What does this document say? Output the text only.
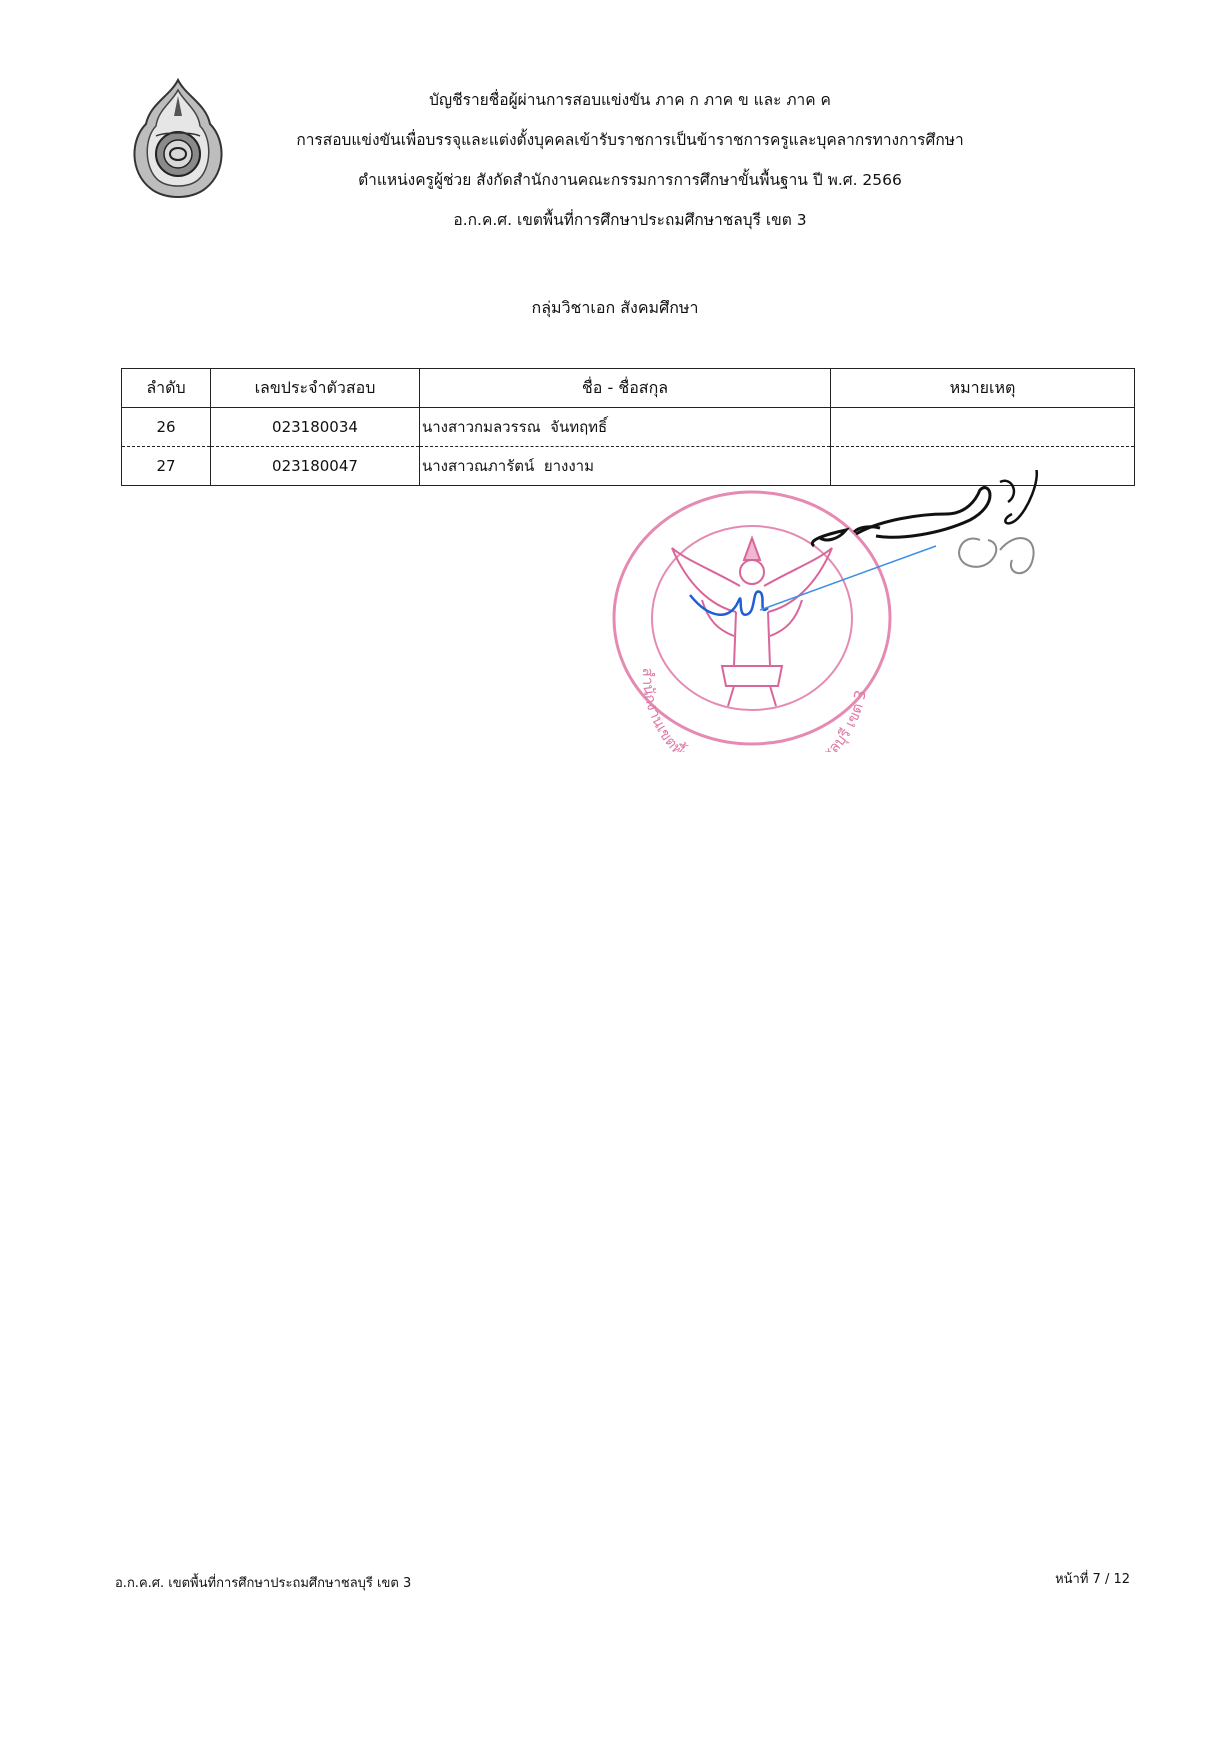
บัญชีรายชื่อผู้ผ่านการสอบแข่งขัน ภาค ก ภาค ข และ ภาค ค
การสอบแข่งขันเพื่อบรรจุและแต่งตั้งบุคคลเข้ารับราชการเป็นข้าราชการครูและบุคลากรทางการศึกษา
ตำแหน่งครูผู้ช่วย สังกัดสำนักงานคณะกรรมการการศึกษาขั้นพื้นฐาน ปี พ.ศ. 2566
อ.ก.ค.ศ. เขตพื้นที่การศึกษาประถมศึกษาชลบุรี เขต 3
กลุ่มวิชาเอก สังคมศึกษา
ลำดับ	เลขประจำตัวสอบ	ชื่อ - ชื่อสกุล	หมายเหตุ
26	023180034	นางสาวกมลวรรณ  จันทฤทธิ์	
27	023180047	นางสาวณภารัตน์  ยางงาม	
สำนักงานเขตพื้ ลบุรี เขต 3
อ.ก.ค.ศ. เขตพื้นที่การศึกษาประถมศึกษาชลบุรี เขต 3	หน้าที่ 7 / 12
